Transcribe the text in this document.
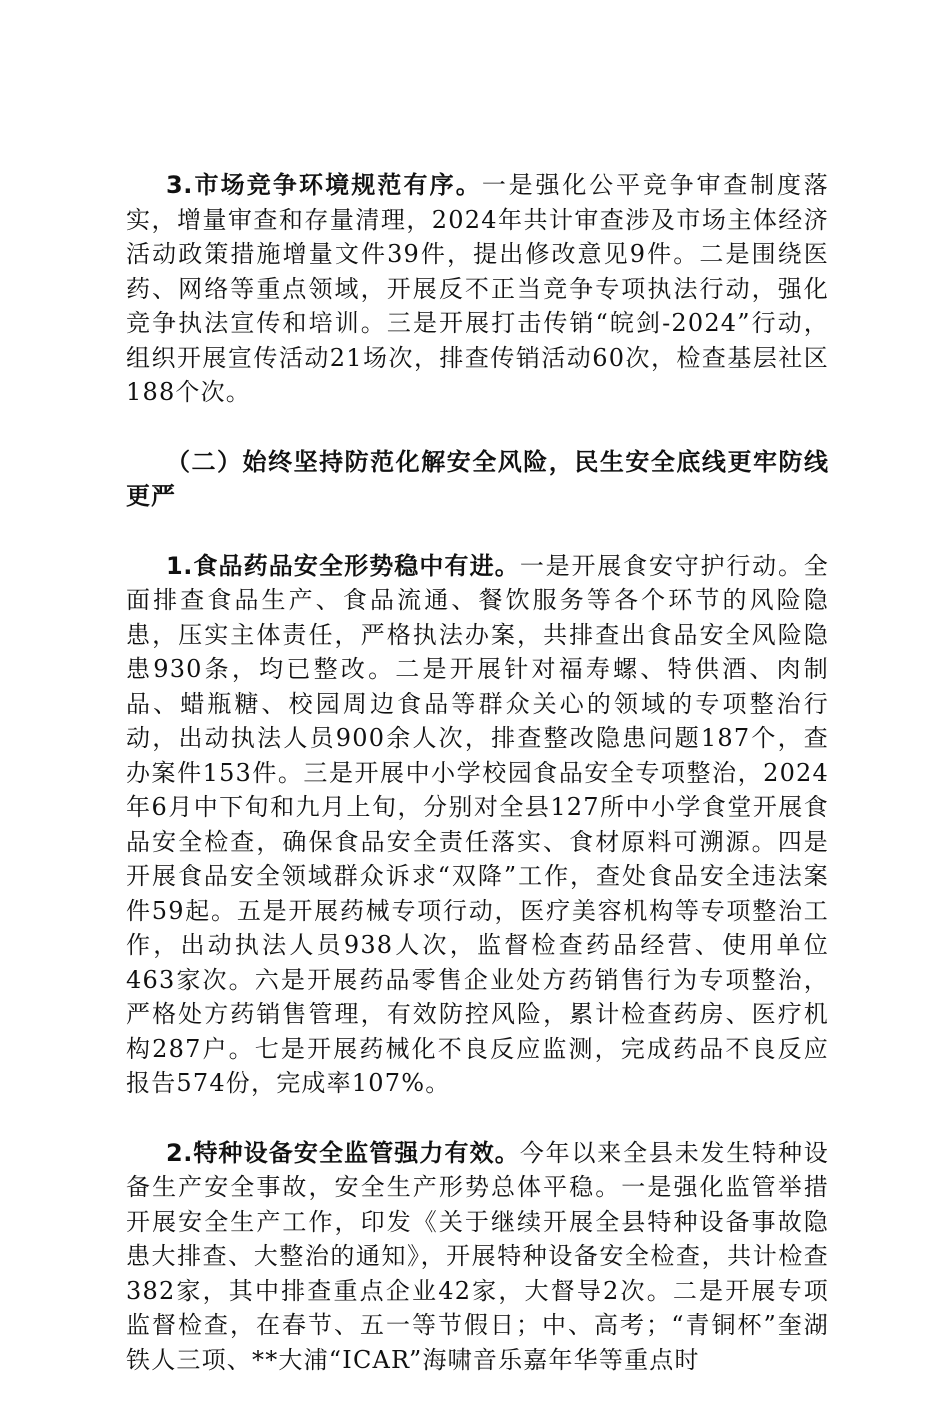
3.市场竞争环境规范有序。一是强化公平竞争审查制度落实，增量审查和存量清理，2024年共计审查涉及市场主体经济活动政策措施增量文件39件，提出修改意见9件。二是围绕医药、网络等重点领域，开展反不正当竞争专项执法行动，强化竞争执法宣传和培训。三是开展打击传销“皖剑-2024”行动，组织开展宣传活动21场次，排查传销活动60次，检查基层社区188个次。

（二）始终坚持防范化解安全风险，民生安全底线更牢防线更严

1.食品药品安全形势稳中有进。一是开展食安守护行动。全面排查食品生产、食品流通、餐饮服务等各个环节的风险隐患，压实主体责任，严格执法办案，共排查出食品安全风险隐患930条，均已整改。二是开展针对福寿螺、特供酒、肉制品、蜡瓶糖、校园周边食品等群众关心的领域的专项整治行动，出动执法人员900余人次，排查整改隐患问题187个，查办案件153件。三是开展中小学校园食品安全专项整治，2024年6月中下旬和九月上旬，分别对全县127所中小学食堂开展食品安全检查，确保食品安全责任落实、食材原料可溯源。四是开展食品安全领域群众诉求“双降”工作，查处食品安全违法案件59起。五是开展药械专项行动，医疗美容机构等专项整治工作，出动执法人员938人次，监督检查药品经营、使用单位463家次。六是开展药品零售企业处方药销售行为专项整治，严格处方药销售管理，有效防控风险，累计检查药房、医疗机构287户。七是开展药械化不良反应监测，完成药品不良反应报告574份，完成率107%。

2.特种设备安全监管强力有效。今年以来全县未发生特种设备生产安全事故，安全生产形势总体平稳。一是强化监管举措开展安全生产工作，印发《关于继续开展全县特种设备事故隐患大排查、大整治的通知》，开展特种设备安全检查，共计检查382家，其中排查重点企业42家，大督导2次。二是开展专项监督检查，在春节、五一等节假日；中、高考；“青铜杯”奎湖铁人三项、**大浦“ICAR”海啸音乐嘉年华等重点时
